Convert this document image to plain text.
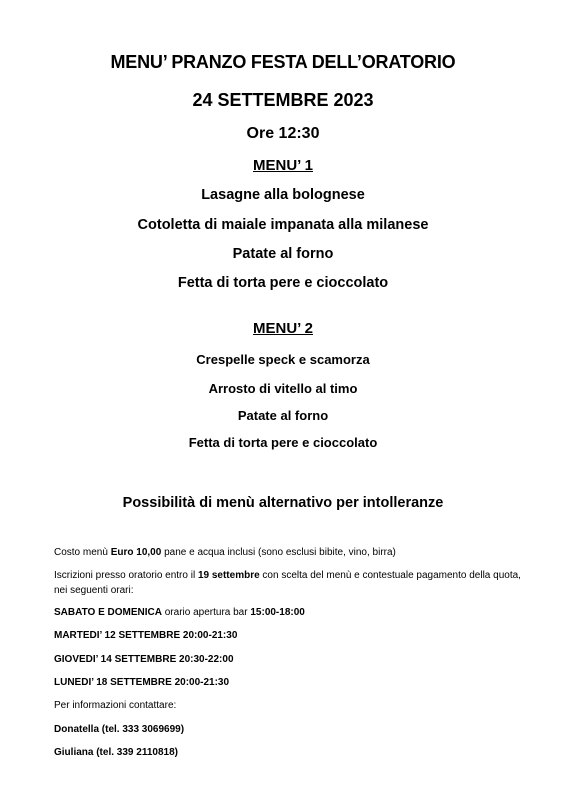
MENU’ PRANZO FESTA DELL’ORATORIO
24 SETTEMBRE 2023
Ore 12:30
MENU’ 1
Lasagne alla bolognese
Cotoletta di maiale impanata alla milanese
Patate al forno
Fetta di torta pere e cioccolato
MENU’ 2
Crespelle speck e scamorza
Arrosto di vitello al timo
Patate al forno
Fetta di torta pere e cioccolato
Possibilità di menù alternativo per intolleranze
Costo menù Euro 10,00 pane e acqua inclusi (sono esclusi bibite, vino, birra)
Iscrizioni presso oratorio entro il 19 settembre con scelta del menù e contestuale pagamento della quota, nei seguenti orari:
SABATO E DOMENICA orario apertura bar 15:00-18:00
MARTEDI’ 12 SETTEMBRE 20:00-21:30
GIOVEDI’ 14 SETTEMBRE 20:30-22:00
LUNEDI’ 18 SETTEMBRE 20:00-21:30
Per informazioni contattare:
Donatella (tel. 333 3069699)
Giuliana (tel. 339 2110818)
